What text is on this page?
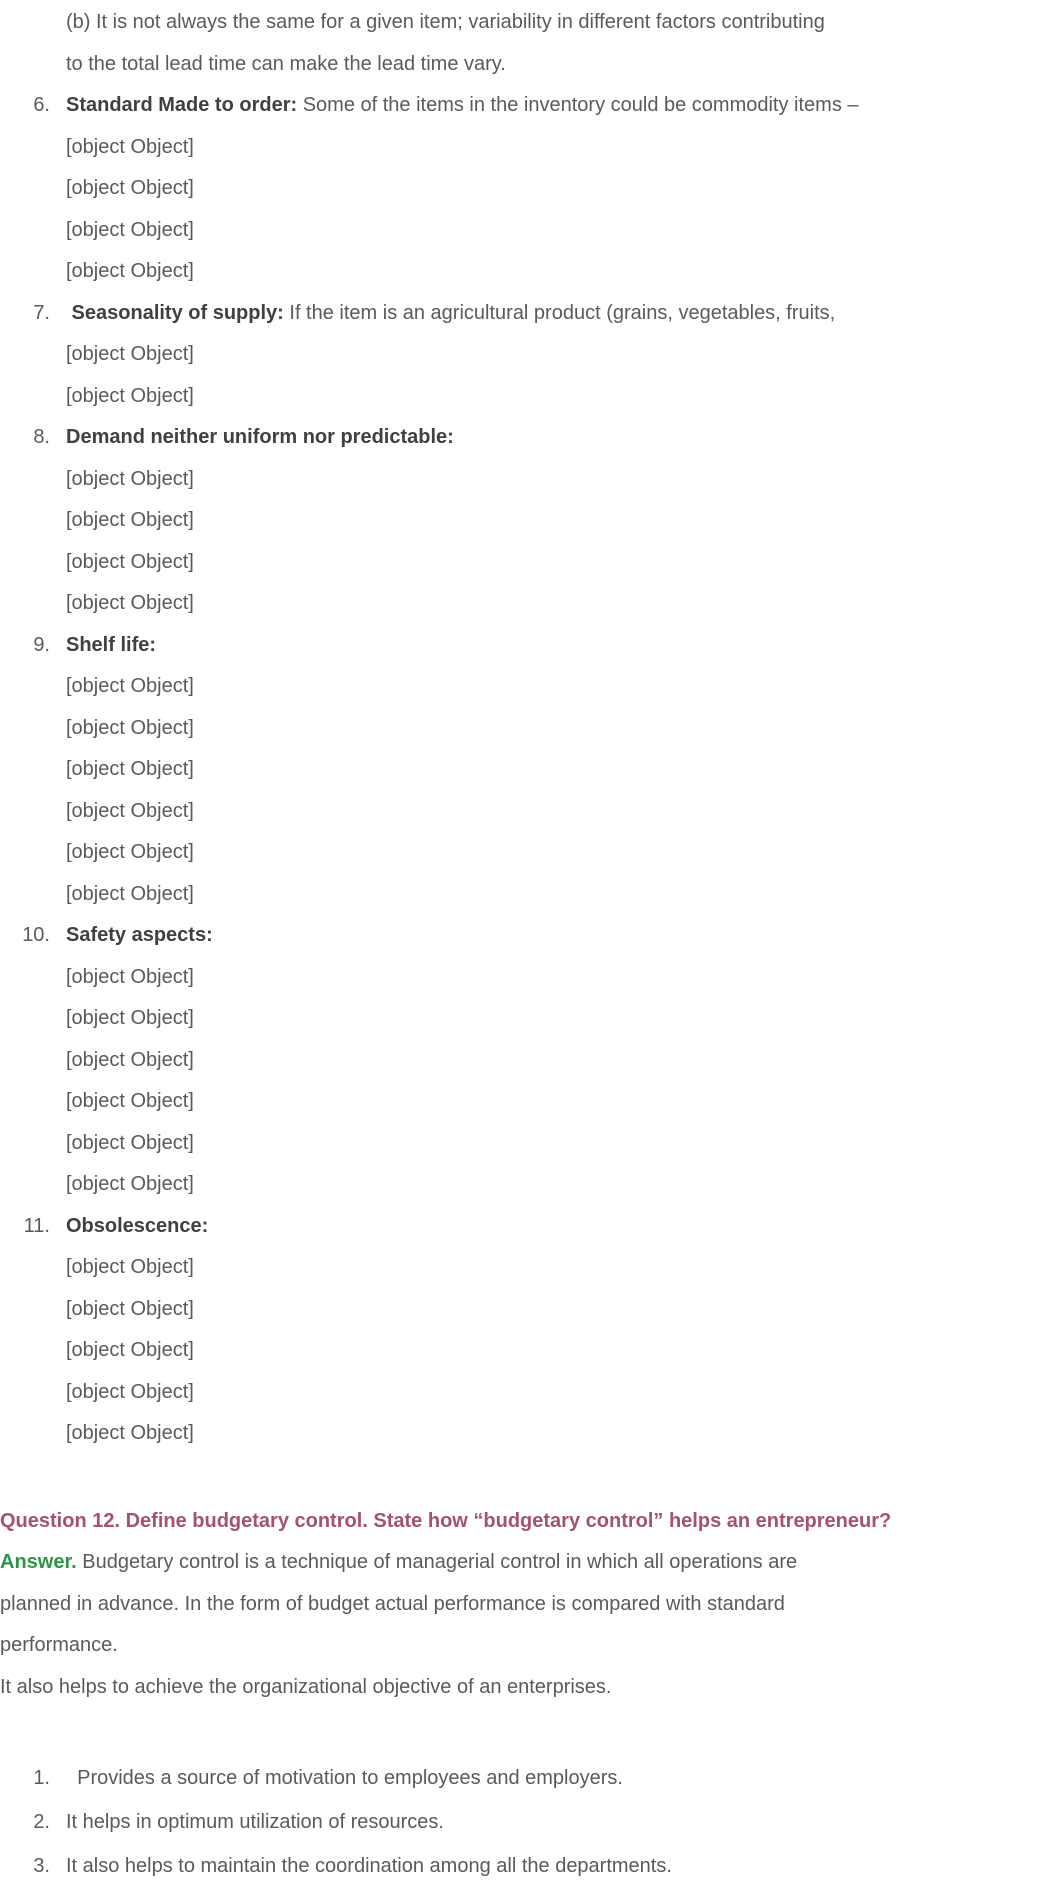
(b) It is not always the same for a given item; variability in different factors contributing
to the total lead time can make the lead time vary.
6. Standard Made to order: Some of the items in the inventory could be commodity items –
[object Object]
[object Object]
[object Object]
[object Object]
7. Seasonality of supply: If the item is an agricultural product (grains, vegetables, fruits,
[object Object]
[object Object]
8. Demand neither uniform nor predictable:
[object Object]
[object Object]
[object Object]
[object Object]
9. Shelf life:
[object Object]
[object Object]
[object Object]
[object Object]
[object Object]
[object Object]
10. Safety aspects:
[object Object]
[object Object]
[object Object]
[object Object]
[object Object]
[object Object]
11. Obsolescence:
[object Object]
[object Object]
[object Object]
[object Object]
[object Object]
Question 12. Define budgetary control. State how “budgetary control” helps an entrepreneur?
Answer. Budgetary control is a technique of managerial control in which all operations are
planned in advance. In the form of budget actual performance is compared with standard
performance.
It also helps to achieve the organizational objective of an enterprises.
1. Provides a source of motivation to employees and employers.
2. It helps in optimum utilization of resources.
3. It also helps to maintain the coordination among all the departments.
